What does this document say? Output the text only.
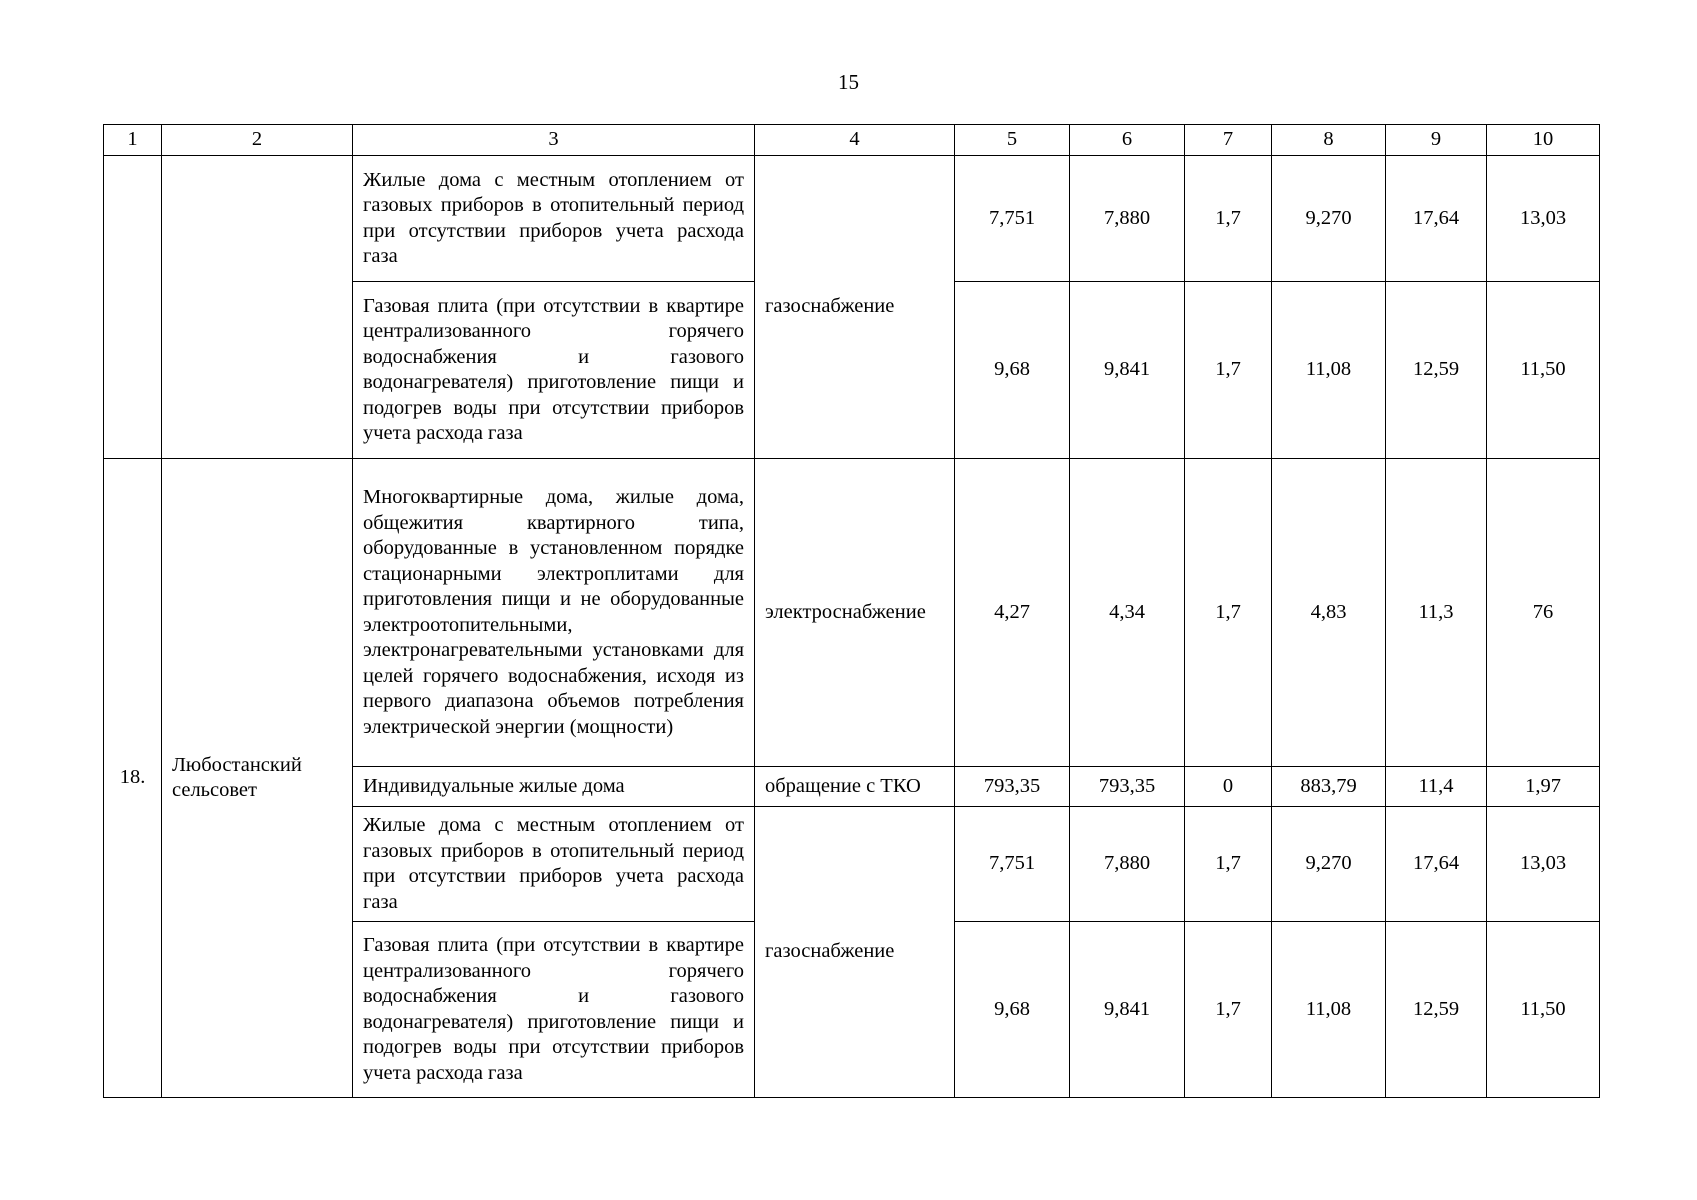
15
1	2	3	4	5	6	7	8	9	10
		Жилые дома с местным отоплением от газовых приборов в отопительный период при отсутствии приборов учета расхода газа	газоснабжение	7,751	7,880	1,7	9,270	17,64	13,03
		Газовая плита (при отсутствии в квартире централизованного горячего водоснабжения и газового водонагревателя) приготовление пищи и подогрев воды при отсутствии приборов учета расхода газа		9,68	9,841	1,7	11,08	12,59	11,50
18.	Любостанский сельсовет	Многоквартирные дома, жилые дома, общежития квартирного типа, оборудованные в установленном порядке стационарными электроплитами для приготовления пищи и не оборудованные электроотопительными, электронагревательными установками для целей горячего водоснабжения, исходя из первого диапазона объемов потребления электрической энергии (мощности)	электроснабжение	4,27	4,34	1,7	4,83	11,3	76
		Индивидуальные жилые дома	обращение с ТКО	793,35	793,35	0	883,79	11,4	1,97
		Жилые дома с местным отоплением от газовых приборов в отопительный период при отсутствии приборов учета расхода газа	газоснабжение	7,751	7,880	1,7	9,270	17,64	13,03
		Газовая плита (при отсутствии в квартире централизованного горячего водоснабжения и газового водонагревателя) приготовление пищи и подогрев воды при отсутствии приборов учета расхода газа		9,68	9,841	1,7	11,08	12,59	11,50
